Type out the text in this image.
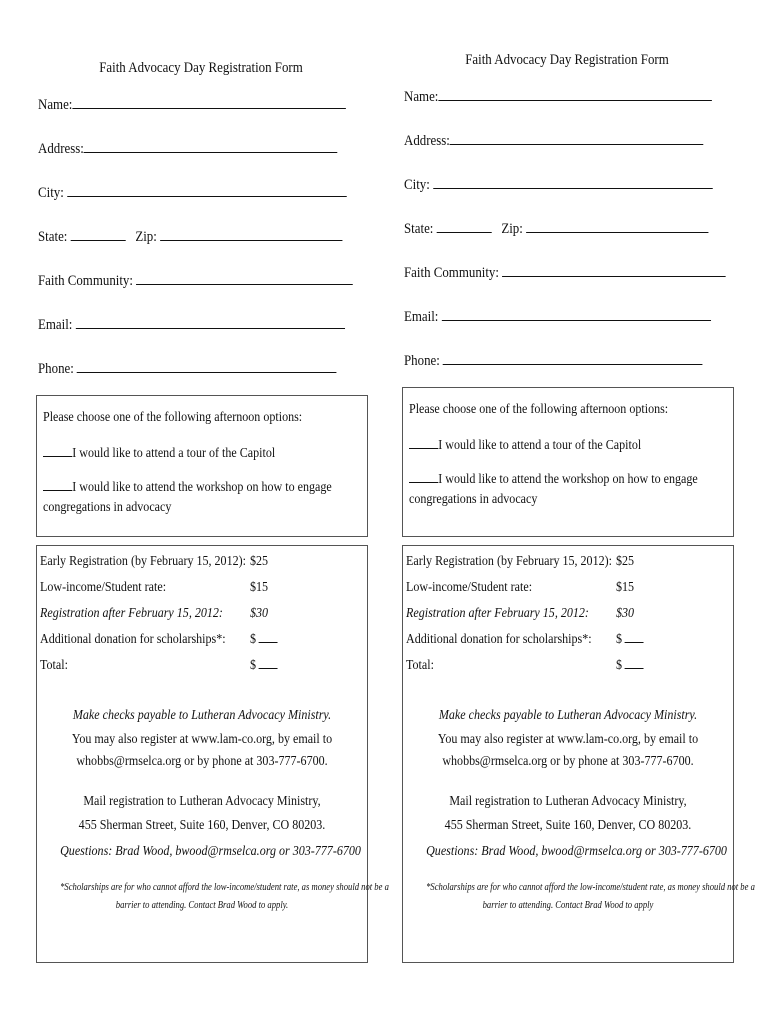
Faith Advocacy Day Registration Form
Name:
Address:
City:
State:	Zip:
Faith Community:
Email:
Phone:
Please choose one of the following afternoon options:
I would like to attend a tour of the Capitol
I would like to attend the workshop on how to engage
congregations in advocacy
Early Registration (by February 15, 2012): $25
Low-income/Student rate:	$15
Registration after February 15, 2012: $30
Additional donation for scholarships*: $
Total:	$
Make checks payable to Lutheran Advocacy Ministry.
You may also register at www.lam-co.org, by email to
whobbs@rmselca.org or by phone at 303-777-6700.
Mail registration to Lutheran Advocacy Ministry,
455 Sherman Street, Suite 160, Denver, CO 80203.
Questions: Brad Wood, bwood@rmselca.org or 303-777-6700
*Scholarships are for who cannot afford the low-income/student rate, as money should not be a
barrier to attending. Contact Brad Wood to apply.
Faith Advocacy Day Registration Form
Name:
Address:
City:
State:	Zip:
Faith Community:
Email:
Phone:
Please choose one of the following afternoon options:
I would like to attend a tour of the Capitol
I would like to attend the workshop on how to engage
congregations in advocacy
Early Registration (by February 15, 2012): $25
Low-income/Student rate:	$15
Registration after February 15, 2012: $30
Additional donation for scholarships*: $
Total:	$
Make checks payable to Lutheran Advocacy Ministry.
You may also register at www.lam-co.org, by email to
whobbs@rmselca.org or by phone at 303-777-6700.
Mail registration to Lutheran Advocacy Ministry,
455 Sherman Street, Suite 160, Denver, CO 80203.
Questions: Brad Wood, bwood@rmselca.org or 303-777-6700
*Scholarships are for who cannot afford the low-income/student rate, as money should not be a
barrier to attending. Contact Brad Wood to apply
